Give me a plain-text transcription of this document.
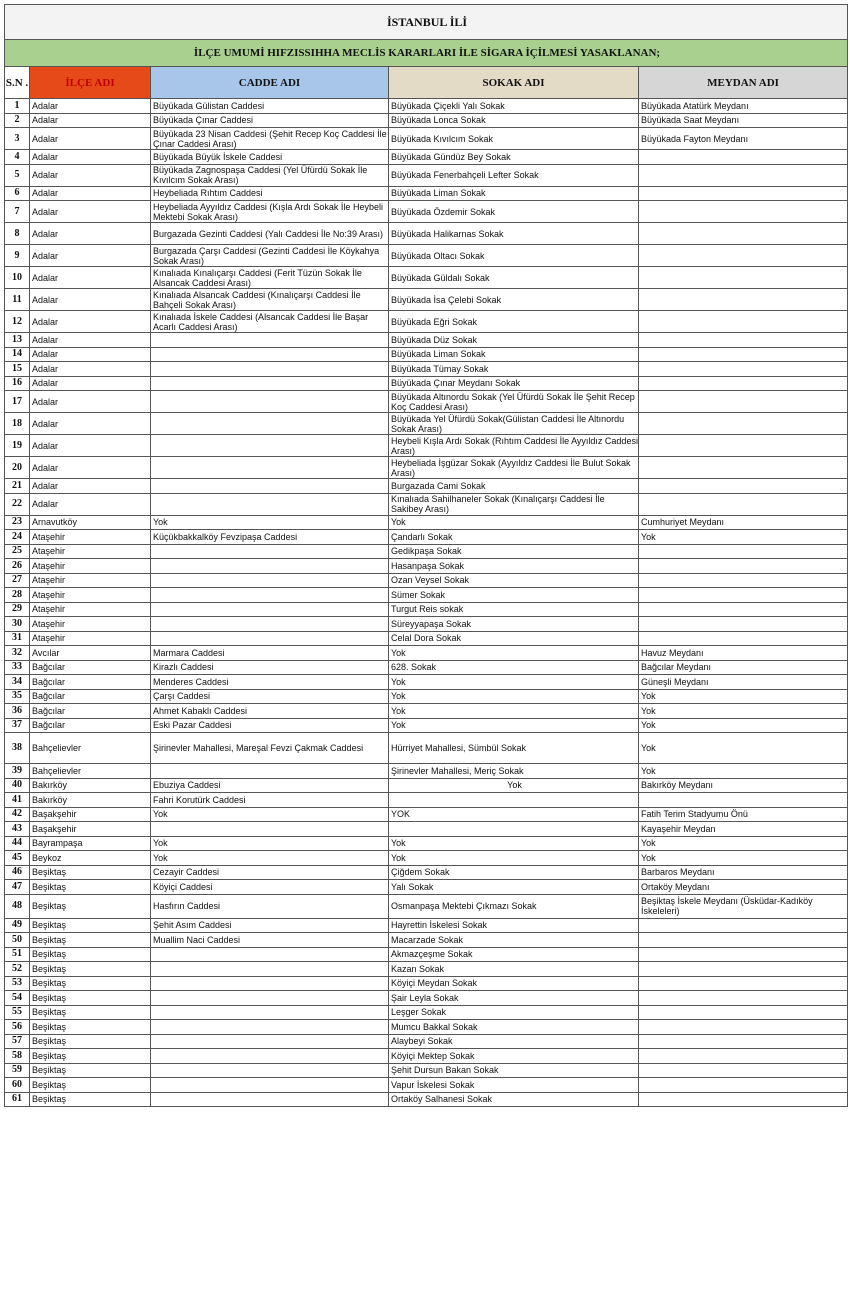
İSTANBUL İLİ				
İLÇE UMUMİ HIFZISSIHHA MECLİS KARARLARI İLE SİGARA İÇİLMESİ YASAKLANAN;				
S.N .	İLÇE ADI	CADDE ADI	SOKAK ADI	MEYDAN ADI
1	Adalar	Büyükada Gülistan Caddesi	Büyükada Çiçekli Yalı Sokak	Büyükada Atatürk Meydanı
2	Adalar	Büyükada Çınar Caddesi	Büyükada Lonca Sokak	Büyükada Saat Meydanı
3	Adalar	Büyükada 23 Nisan Caddesi (Şehit Recep Koç Caddesi İle Çınar Caddesi Arası)	Büyükada Kıvılcım Sokak	Büyükada Fayton Meydanı
4	Adalar	Büyükada Büyük İskele Caddesi	Büyükada Gündüz Bey Sokak	
5	Adalar	Büyükada Zagnospaşa Caddesi (Yel Üfürdü Sokak İle Kıvılcım Sokak Arası)	Büyükada Fenerbahçeli Lefter Sokak	
6	Adalar	Heybeliada Rıhtım Caddesi	Büyükada Liman Sokak	
7	Adalar	Heybeliada Ayyıldız Caddesi (Kışla Ardı Sokak İle Heybeli Mektebi Sokak Arası)	Büyükada Özdemir Sokak	
8	Adalar	Burgazada Gezinti Caddesi (Yalı Caddesi İle No:39 Arası)	Büyükada Halikarnas Sokak	
9	Adalar	Burgazada Çarşı Caddesi (Gezinti Caddesi İle Köykahya Sokak Arası)	Büyükada Oltacı Sokak	
10	Adalar	Kınalıada Kınalıçarşı Caddesi (Ferit Tüzün Sokak İle Alsancak Caddesi Arası)	Büyükada Güldalı Sokak	
11	Adalar	Kınalıada Alsancak Caddesi (Kınalıçarşı Caddesi İle Bahçeli Sokak Arası)	Büyükada İsa Çelebi Sokak	
12	Adalar	Kınalıada İskele Caddesi (Alsancak Caddesi İle Başar Acarlı Caddesi Arası)	Büyükada Eğri Sokak	
13	Adalar		Büyükada Düz Sokak	
14	Adalar		Büyükada Liman Sokak	
15	Adalar		Büyükada Tümay Sokak	
16	Adalar		Büyükada Çınar Meydanı Sokak	
17	Adalar		Büyükada Altınordu Sokak (Yel Üfürdü Sokak İle Şehit Recep Koç Caddesi Arası)	
18	Adalar		Büyükada Yel Üfürdü Sokak(Gülistan Caddesi İle Altınordu Sokak Arası)	
19	Adalar		Heybeli Kışla Ardı Sokak (Rıhtım Caddesi İle Ayyıldız Caddesi Arası)	
20	Adalar		Heybeliada İşgüzar Sokak (Ayyıldız Caddesi İle Bulut Sokak Arası)	
21	Adalar		Burgazada Cami Sokak	
22	Adalar		Kınalıada Sahilhaneler Sokak (Kınalıçarşı Caddesi İle Sakibey Arası)	
23	Arnavutköy	Yok	Yok	Cumhuriyet Meydanı
24	Ataşehir	Küçükbakkalköy Fevzipaşa Caddesi	Çandarlı Sokak	Yok
25	Ataşehir		Gedikpaşa Sokak	
26	Ataşehir		Hasanpaşa Sokak	
27	Ataşehir		Ozan Veysel Sokak	
28	Ataşehir		Sümer Sokak	
29	Ataşehir		Turgut Reis sokak	
30	Ataşehir		Süreyyapaşa Sokak	
31	Ataşehir		Celal Dora Sokak	
32	Avcılar	Marmara Caddesi	Yok	Havuz Meydanı
33	Bağcılar	Kirazlı Caddesi	628. Sokak	Bağcılar Meydanı
34	Bağcılar	Menderes Caddesi	Yok	Güneşli Meydanı
35	Bağcılar	Çarşı Caddesi	Yok	Yok
36	Bağcılar	Ahmet Kabaklı Caddesi	Yok	Yok
37	Bağcılar	Eski Pazar Caddesi	Yok	Yok
38	Bahçelievler	Şirinevler Mahallesi, Mareşal Fevzi Çakmak Caddesi	Hürriyet Mahallesi, Sümbül Sokak	Yok
39	Bahçelievler		Şirinevler Mahallesi, Meriç Sokak	Yok
40	Bakırköy	Ebuziya Caddesi	Yok	Bakırköy Meydanı
41	Bakırköy	Fahri Korutürk Caddesi		
42	Başakşehir	Yok	YOK	Fatih Terim Stadyumu Önü
43	Başakşehir			Kayaşehir Meydan
44	Bayrampaşa	Yok	Yok	Yok
45	Beykoz	Yok	Yok	Yok
46	Beşiktaş	Cezayir Caddesi	Çiğdem Sokak	Barbaros Meydanı
47	Beşiktaş	Köyiçi Caddesi	Yalı Sokak	Ortaköy Meydanı
48	Beşiktaş	Hasfırın Caddesi	Osmanpaşa Mektebi Çıkmazı Sokak	Beşiktaş İskele Meydanı (Üsküdar-Kadıköy İskeleleri)
49	Beşiktaş	Şehit Asım Caddesi	Hayrettin İskelesi Sokak	
50	Beşiktaş	Muallim Naci Caddesi	Macarzade Sokak	
51	Beşiktaş		Akmazçeşme Sokak	
52	Beşiktaş		Kazan Sokak	
53	Beşiktaş		Köyiçi Meydan Sokak	
54	Beşiktaş		Şair Leyla Sokak	
55	Beşiktaş		Leşger Sokak	
56	Beşiktaş		Mumcu Bakkal Sokak	
57	Beşiktaş		Alaybeyi Sokak	
58	Beşiktaş		Köyiçi Mektep Sokak	
59	Beşiktaş		Şehit Dursun Bakan Sokak	
60	Beşiktaş		Vapur İskelesi Sokak	
61	Beşiktaş		Ortaköy Salhanesi Sokak	
